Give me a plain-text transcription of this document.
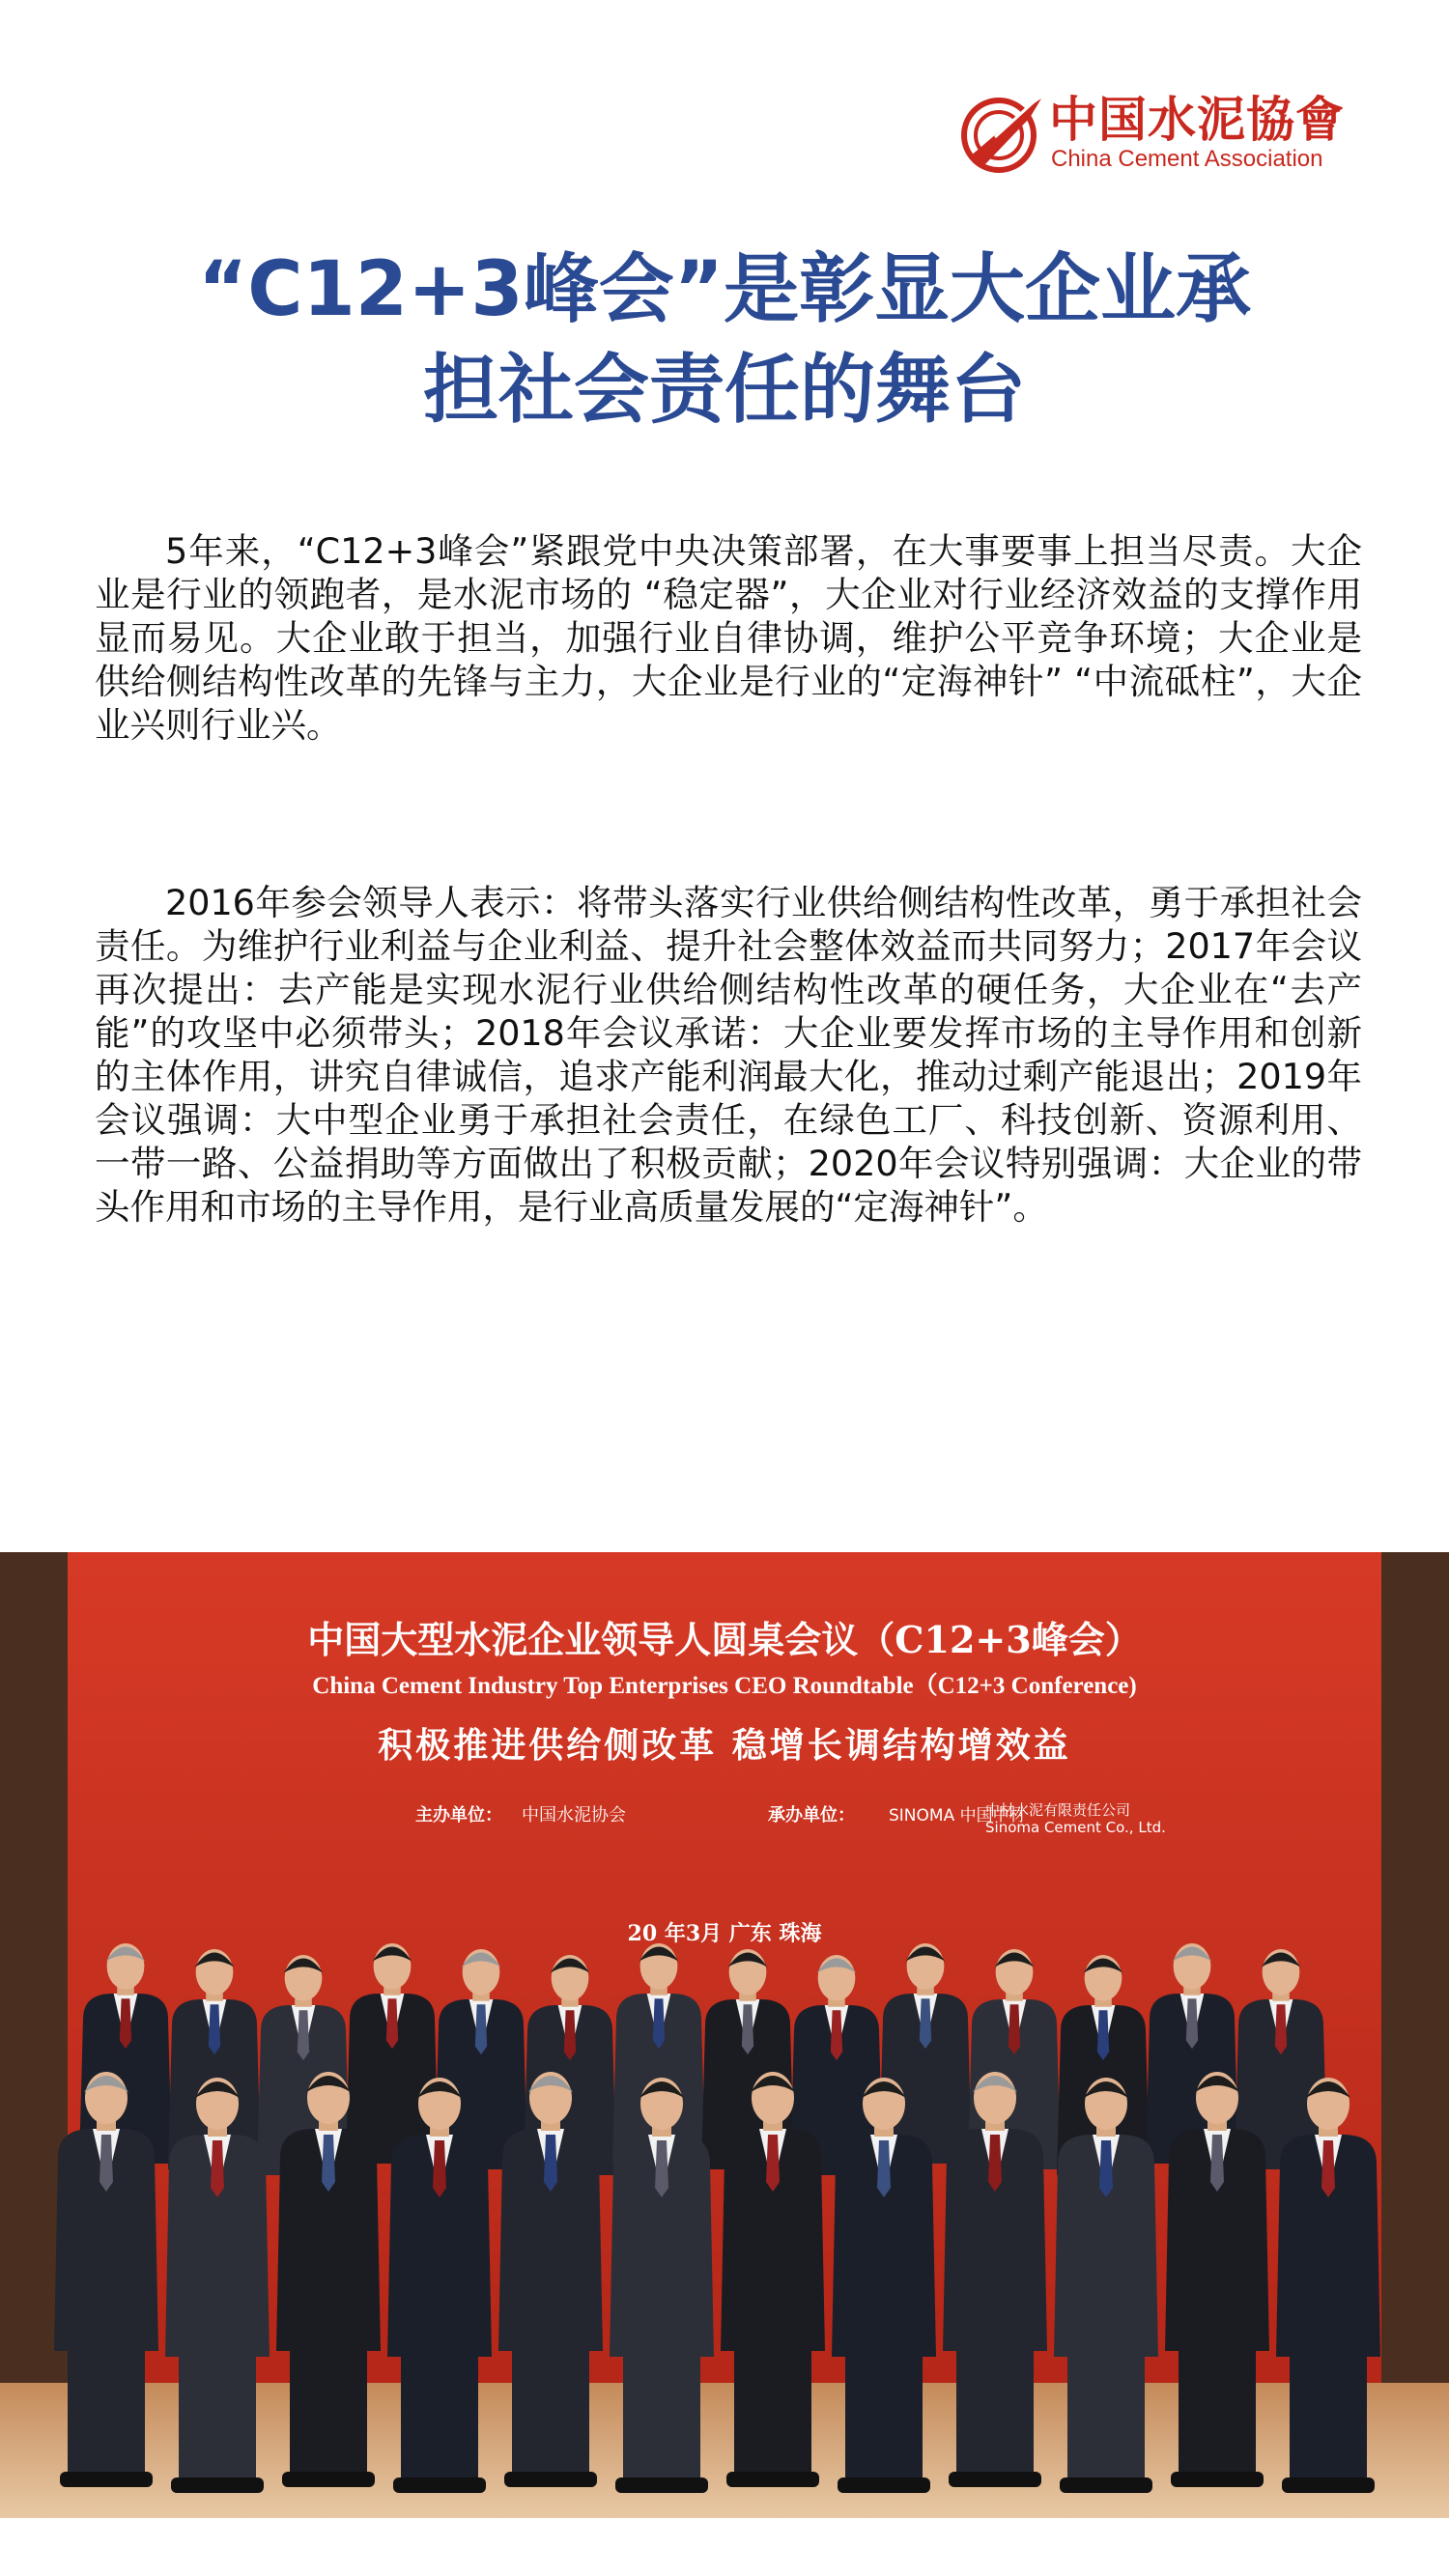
中国水泥協會
China Cement Association
“C12+3峰会”是彰显大企业承
担社会责任的舞台

5年来，“C12+3峰会”紧跟党中央决策部署，在大事要事上担当尽责。大企业是行业的领跑者，是水泥市场的 “稳定器”，大企业对行业经济效益的支撑作用显而易见。大企业敢于担当，加强行业自律协调，维护公平竞争环境；大企业是供给侧结构性改革的先锋与主力，大企业是行业的“定海神针” “中流砥柱”，大企业兴则行业兴。

2016年参会领导人表示：将带头落实行业供给侧结构性改革，勇于承担社会责任。为维护行业利益与企业利益、提升社会整体效益而共同努力；2017年会议再次提出：去产能是实现水泥行业供给侧结构性改革的硬任务，大企业在“去产能”的攻坚中必须带头；2018年会议承诺：大企业要发挥市场的主导作用和创新的主体作用，讲究自律诚信，追求产能利润最大化，推动过剩产能退出；2019年会议强调：大中型企业勇于承担社会责任，在绿色工厂、科技创新、资源利用、一带一路、公益捐助等方面做出了积极贡献；2020年会议特别强调：大企业的带头作用和市场的主导作用，是行业高质量发展的“定海神针”。

中国大型水泥企业领导人圆桌会议（C12+3峰会）
China Cement Industry Top Enterprises CEO Roundtable（C12+3 Conference)
积极推进供给侧改革 稳增长调结构增效益
主办单位： 中国水泥协会	承办单位： SINOMA 中国中材
中材水泥有限责任公司
Sinoma Cement Co., Ltd.
20 年3月 广东 珠海
